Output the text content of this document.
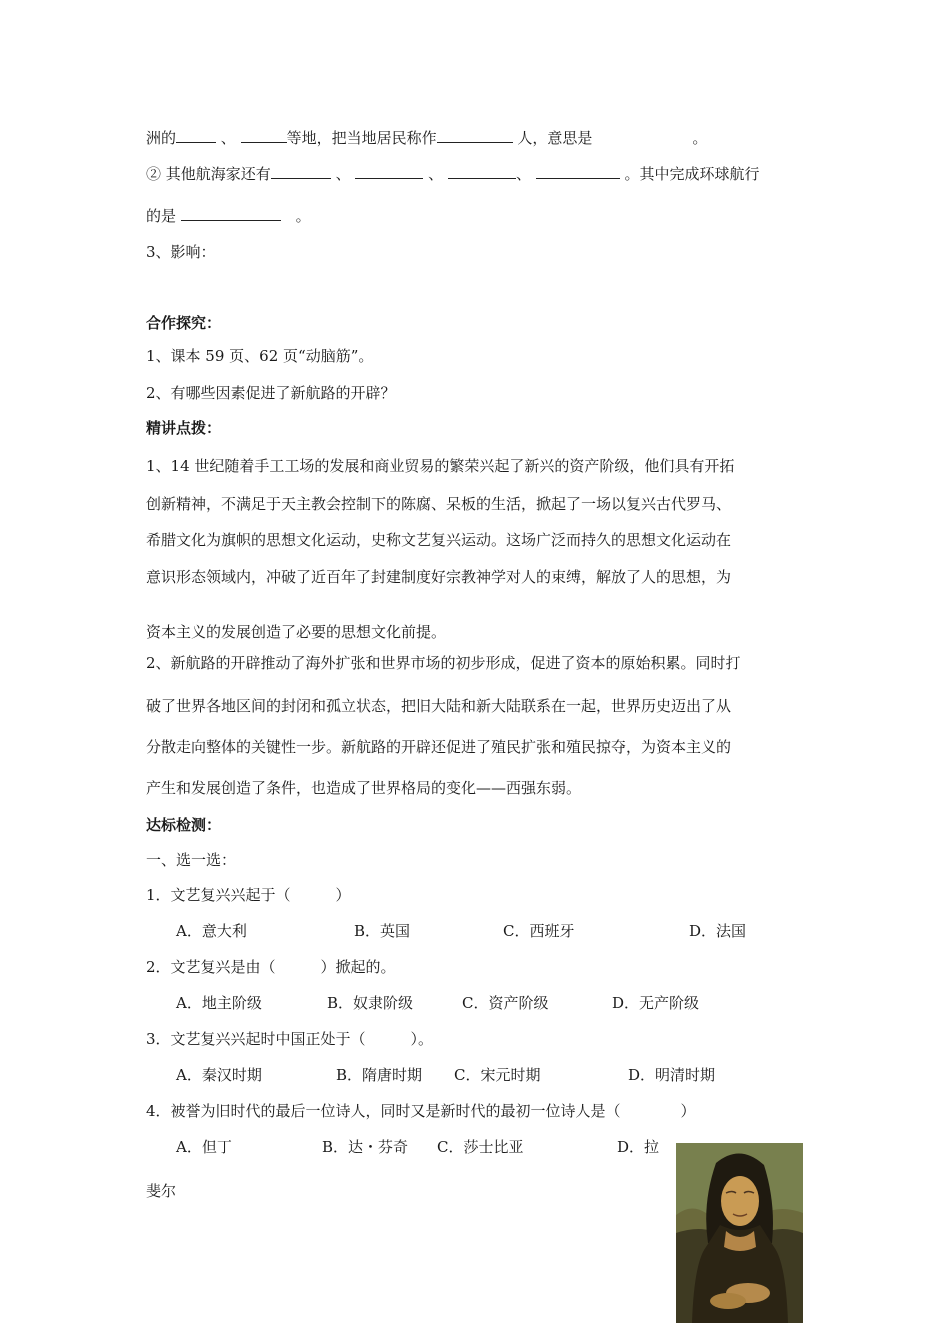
洲的	、	等地，把当地居民称作	人，意思是	。
② 其他航海家还有	、	、	、	。其中完成环球航行
的是	。
3、影响：
合作探究：
1、课本 59 页、62 页“动脑筋”。
2、有哪些因素促进了新航路的开辟？
精讲点拨：
1、14 世纪随着手工工场的发展和商业贸易的繁荣兴起了新兴的资产阶级，他们具有开拓
创新精神，不满足于天主教会控制下的陈腐、呆板的生活，掀起了一场以复兴古代罗马、
希腊文化为旗帜的思想文化运动，史称文艺复兴运动。这场广泛而持久的思想文化运动在
意识形态领域内，冲破了近百年了封建制度好宗教神学对人的束缚，解放了人的思想，为
资本主义的发展创造了必要的思想文化前提。
2、新航路的开辟推动了海外扩张和世界市场的初步形成，促进了资本的原始积累。同时打
破了世界各地区间的封闭和孤立状态，把旧大陆和新大陆联系在一起，世界历史迈出了从
分散走向整体的关键性一步。新航路的开辟还促进了殖民扩张和殖民掠夺，为资本主义的
产生和发展创造了条件，也造成了世界格局的变化——西强东弱。
达标检测：
一、选一选：
1．文艺复兴兴起于（　　　）
A．意大利	B．英国	C．西班牙	D．法国
2．文艺复兴是由（　　　）掀起的。
A．地主阶级	B．奴隶阶级	C．资产阶级	D．无产阶级
3．文艺复兴兴起时中国正处于（　　　）。
A．秦汉时期	B．隋唐时期 C．宋元时期	D．明清时期
4．被誉为旧时代的最后一位诗人，同时又是新时代的最初一位诗人是（　　　　）
A．但丁	B．达・芬奇 C．莎士比亚	D．拉
斐尔
